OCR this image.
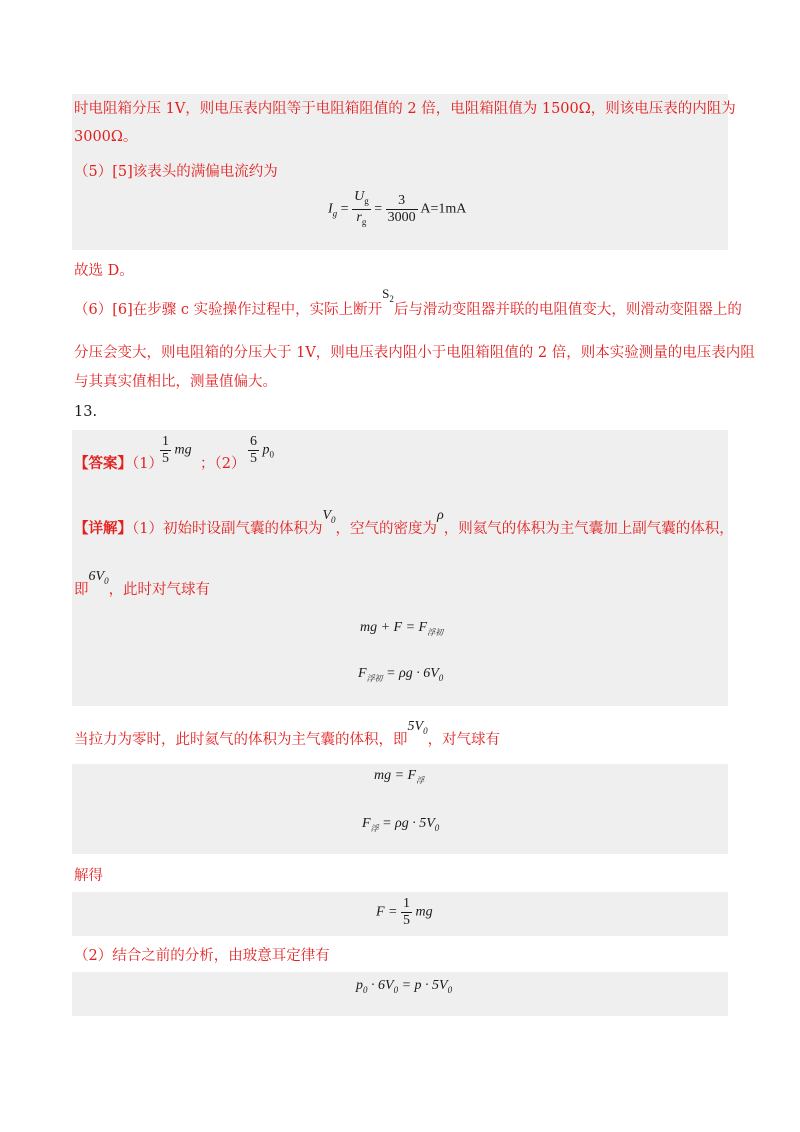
时电阻箱分压 1V，则电压表内阻等于电阻箱阻值的 2 倍，电阻箱阻值为 1500Ω，则该电压表的内阻为
3000Ω。
（5）[5]该表头的满偏电流约为
$I_g = \frac{U_g}{r_g} = \frac{3}{3000} A=1mA$
故选 D。
（6）[6]在步骤 c 实验操作过程中，实际上断开$S_2$后与滑动变阻器并联的电阻值变大，则滑动变阻器上的
分压会变大，则电阻箱的分压大于 1V，则电压表内阻小于电阻箱阻值的 2 倍，则本实验测量的电压表内阻
与其真实值相比，测量值偏大。
13.
【答案】（1）
$\frac{1}{5}$ mg
；$(2) \frac{6}{5} p_0$
【详解】（1）初始时设副气囊的体积为$V_0$，空气的密度为ρ，则氦气的体积为主气囊加上副气囊的体积，
即$6V_0$，此时对气球有
mg + $F = F_{浮初}$
$F_{浮初} = \rho g \cdot 6V_0$
当拉力为零时，此时氦气的体积为主气囊的体积，即$5V_0$，对气球有
mg = $F_浮$
$F_浮 = \rho g \cdot 5V_0$
解得
$F = \frac{1}{5}$ mg
（2）结合之前的分析，由玻意耳定律有
$p_0 \cdot 6V_0 = p \cdot 5V_0$
